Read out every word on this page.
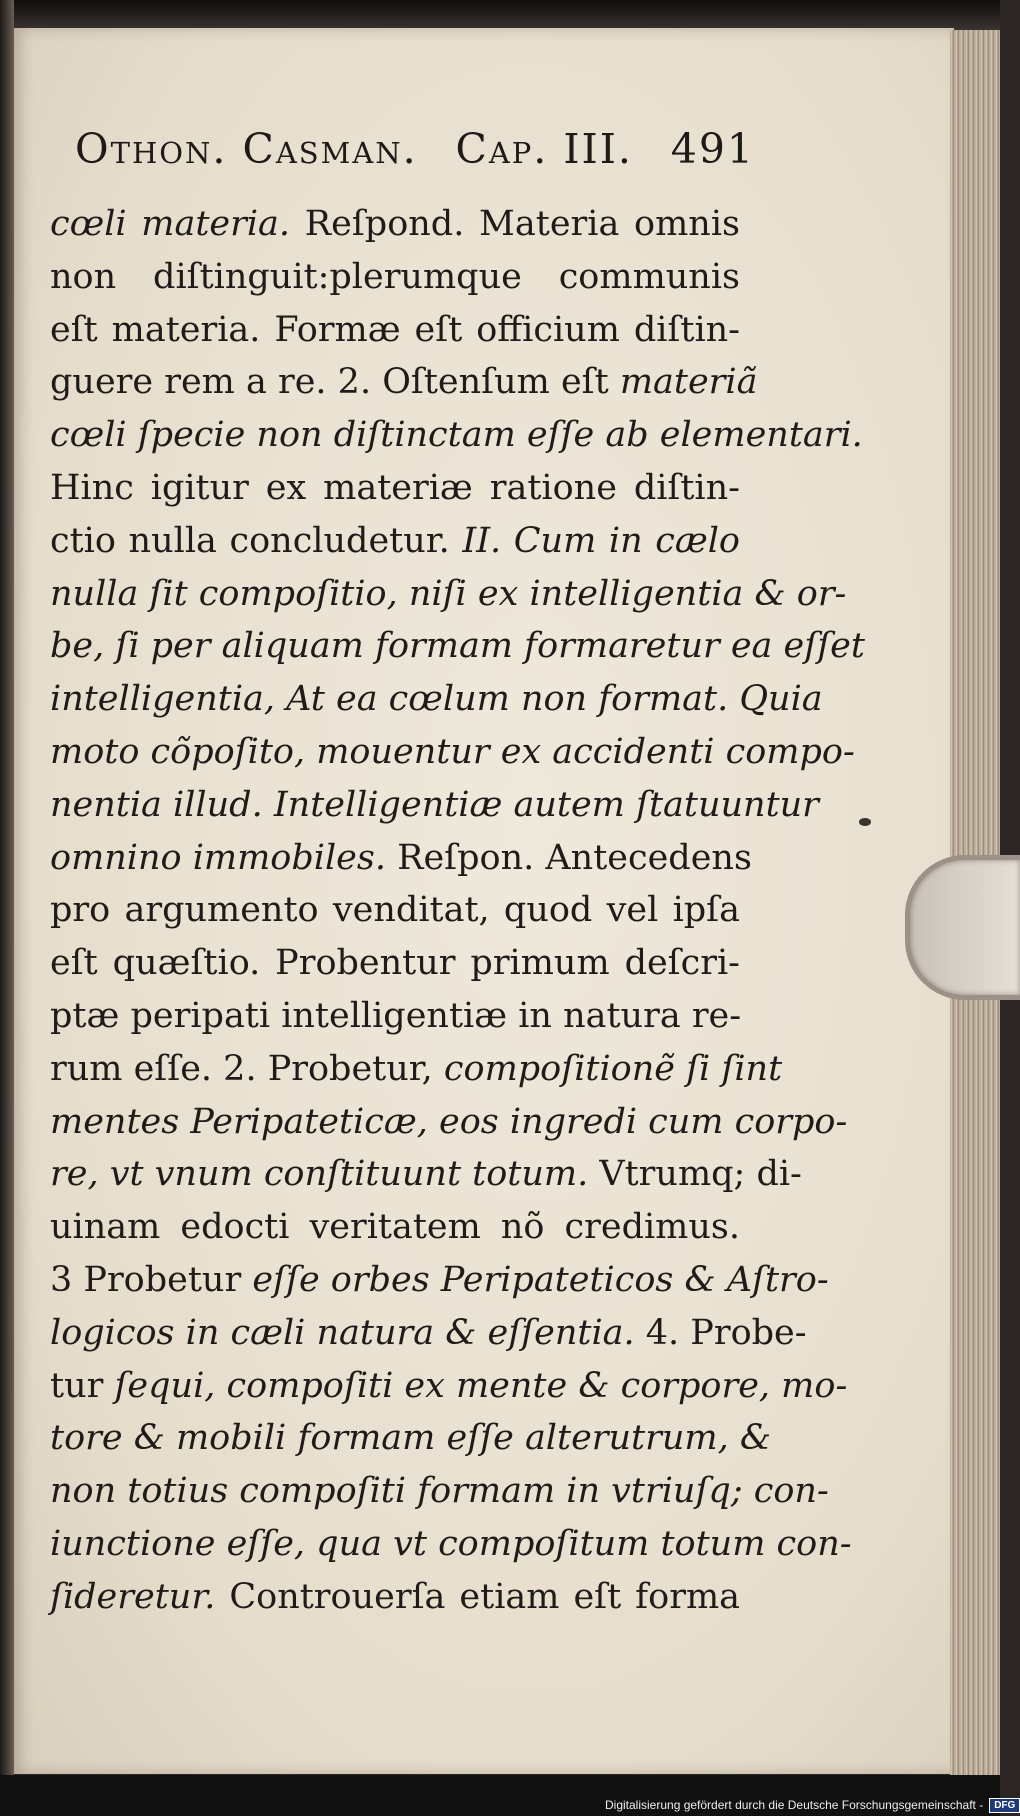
Othon. Casman. Cap. III. 491
cœli materia. Reſpond. Materia omnis
non diſtinguit:plerumque communis
eſt materia. Formæ eſt officium diſtin-
guere rem a re. 2. Oſtenſum eſt materiã
cœli ſpecie non diſtinctam eſſe ab elementari.
Hinc igitur ex materiæ ratione diſtin-
ctio nulla concludetur. II. Cum in cælo
nulla ſit compoſitio, niſi ex intelligentia & or-
be, ſi per aliquam formam formaretur ea eſſet
intelligentia, At ea cœlum non format. Quia
moto cõpoſito, mouentur ex accidenti compo-
nentia illud. Intelligentiæ autem ſtatuuntur
omnino immobiles. Reſpon. Antecedens
pro argumento venditat, quod vel ipſa
eſt quæſtio. Probentur primum deſcri-
ptæ peripati intelligentiæ in natura re-
rum eſſe. 2. Probetur, compoſitionẽ ſi ſint
mentes Peripateticæ, eos ingredi cum corpo-
re, vt vnum conſtituunt totum. Vtrumq; di-
uinam edocti veritatem nõ credimus.
3 Probetur eſſe orbes Peripateticos & Aſtro-
logicos in cæli natura & eſſentia. 4. Probe-
tur ſequi, compoſiti ex mente & corpore, mo-
tore & mobili formam eſſe alterutrum, &
non totius compoſiti formam in vtriuſq; con-
iunctione eſſe, qua vt compoſitum totum con-
ſideretur. Controuerſa etiam eſt forma
Digitalisierung gefördert durch die Deutsche Forschungsgemeinschaft -	DFG
